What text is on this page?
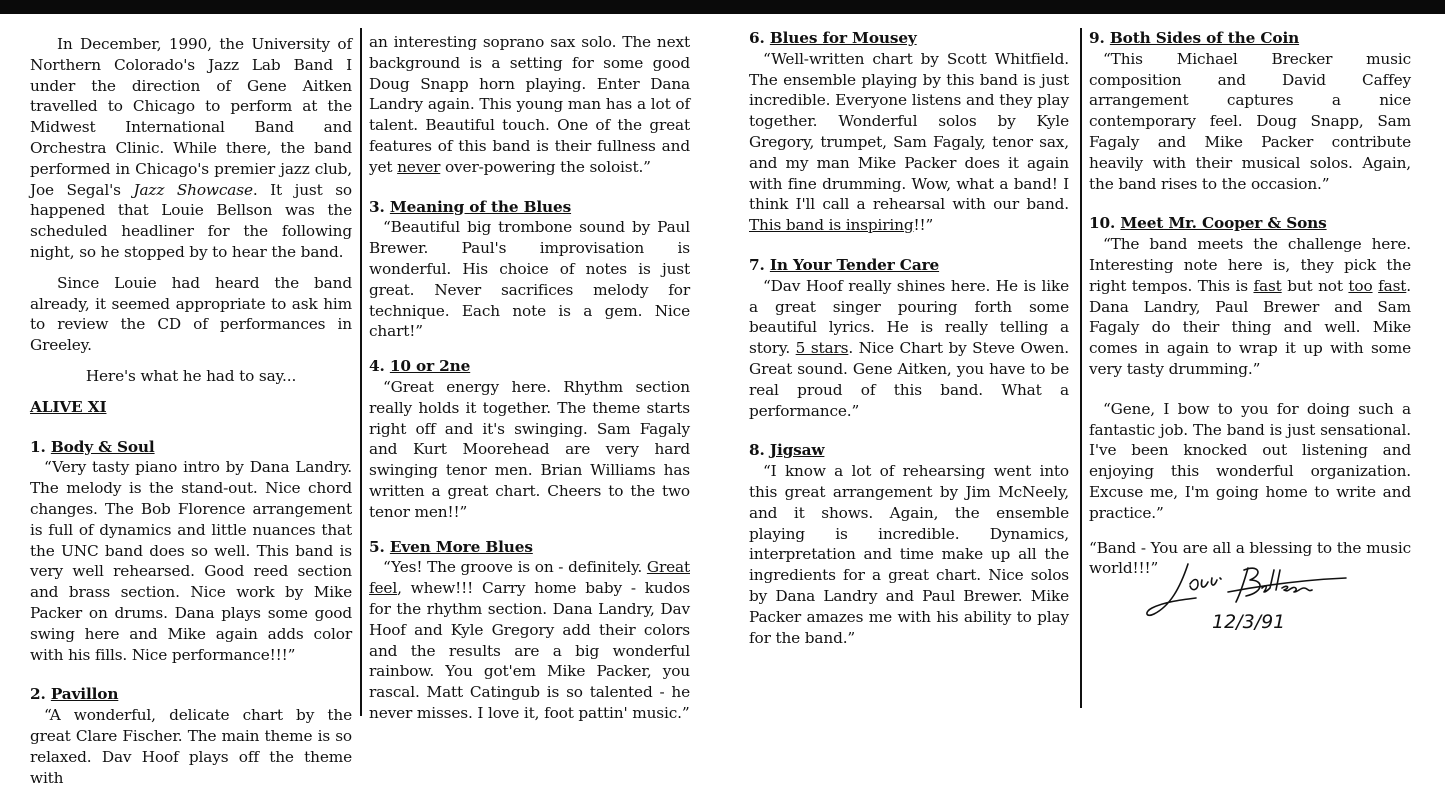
In December, 1990, the University of Northern Colorado's Jazz Lab Band I under the direction of Gene Aitken travelled to Chicago to perform at the Midwest International Band and Orchestra Clinic. While there, the band performed in Chicago's premier jazz club, Joe Segal's Jazz Showcase. It just so happened that Louie Bellson was the scheduled headliner for the following night, so he stopped by to hear the band.

Since Louie had heard the band already, it seemed appropriate to ask him to review the CD of performances in Greeley.

Here's what he had to say...

ALIVE XI

1. Body & Soul

“Very tasty piano intro by Dana Landry. The melody is the stand-out. Nice chord changes. The Bob Florence arrangement is full of dynamics and little nuances that the UNC band does so well. This band is very well rehearsed. Good reed section and brass section. Nice work by Mike Packer on drums. Dana plays some good swing here and Mike again adds color with his fills. Nice performance!!!”

2. Pavillon

“A wonderful, delicate chart by the great Clare Fischer. The main theme is so relaxed. Dav Hoof plays off the theme with

an interesting soprano sax solo. The next background is a setting for some good Doug Snapp horn playing. Enter Dana Landry again. This young man has a lot of talent. Beautiful touch. One of the great features of this band is their fullness and yet never over-powering the soloist.”

3. Meaning of the Blues

“Beautiful big trombone sound by Paul Brewer. Paul's improvisation is wonderful. His choice of notes is just great. Never sacrifices melody for technique. Each note is a gem. Nice chart!”

4. 10 or 2ne

“Great energy here. Rhythm section really holds it together. The theme starts right off and it's swinging. Sam Fagaly and Kurt Moorehead are very hard swinging tenor men. Brian Williams has written a great chart. Cheers to the two tenor men!!”

5. Even More Blues

“Yes! The groove is on - definitely. Great feel, whew!!! Carry home baby - kudos for the rhythm section. Dana Landry, Dav Hoof and Kyle Gregory add their colors and the results are a big wonderful rainbow. You got'em Mike Packer, you rascal. Matt Catingub is so talented - he never misses. I love it, foot pattin' music.”

6. Blues for Mousey

“Well-written chart by Scott Whitfield. The ensemble playing by this band is just incredible. Everyone listens and they play together. Wonderful solos by Kyle Gregory, trumpet, Sam Fagaly, tenor sax, and my man Mike Packer does it again with fine drumming. Wow, what a band! I think I'll call a rehearsal with our band. This band is inspiring!!”

7. In Your Tender Care

“Dav Hoof really shines here. He is like a great singer pouring forth some beautiful lyrics. He is really telling a story. 5 stars. Nice Chart by Steve Owen. Great sound. Gene Aitken, you have to be real proud of this band. What a performance.”

8. Jigsaw

“I know a lot of rehearsing went into this great arrangement by Jim McNeely, and it shows. Again, the ensemble playing is incredible. Dynamics, interpretation and time make up all the ingredients for a great chart. Nice solos by Dana Landry and Paul Brewer. Mike Packer amazes me with his ability to play for the band.”

9. Both Sides of the Coin

“This Michael Brecker music composition and David Caffey arrangement captures a nice contemporary feel. Doug Snapp, Sam Fagaly and Mike Packer contribute heavily with their musical solos. Again, the band rises to the occasion.”

10. Meet Mr. Cooper & Sons

“The band meets the challenge here. Interesting note here is, they pick the right tempos. This is fast but not too fast. Dana Landry, Paul Brewer and Sam Fagaly do their thing and well. Mike comes in again to wrap it up with some very tasty drumming.”

“Gene, I bow to you for doing such a fantastic job. The band is just sensational. I've been knocked out listening and enjoying this wonderful organization. Excuse me, I'm going home to write and practice.”

“Band - You are all a blessing to the music world!!!”

12/3/91
